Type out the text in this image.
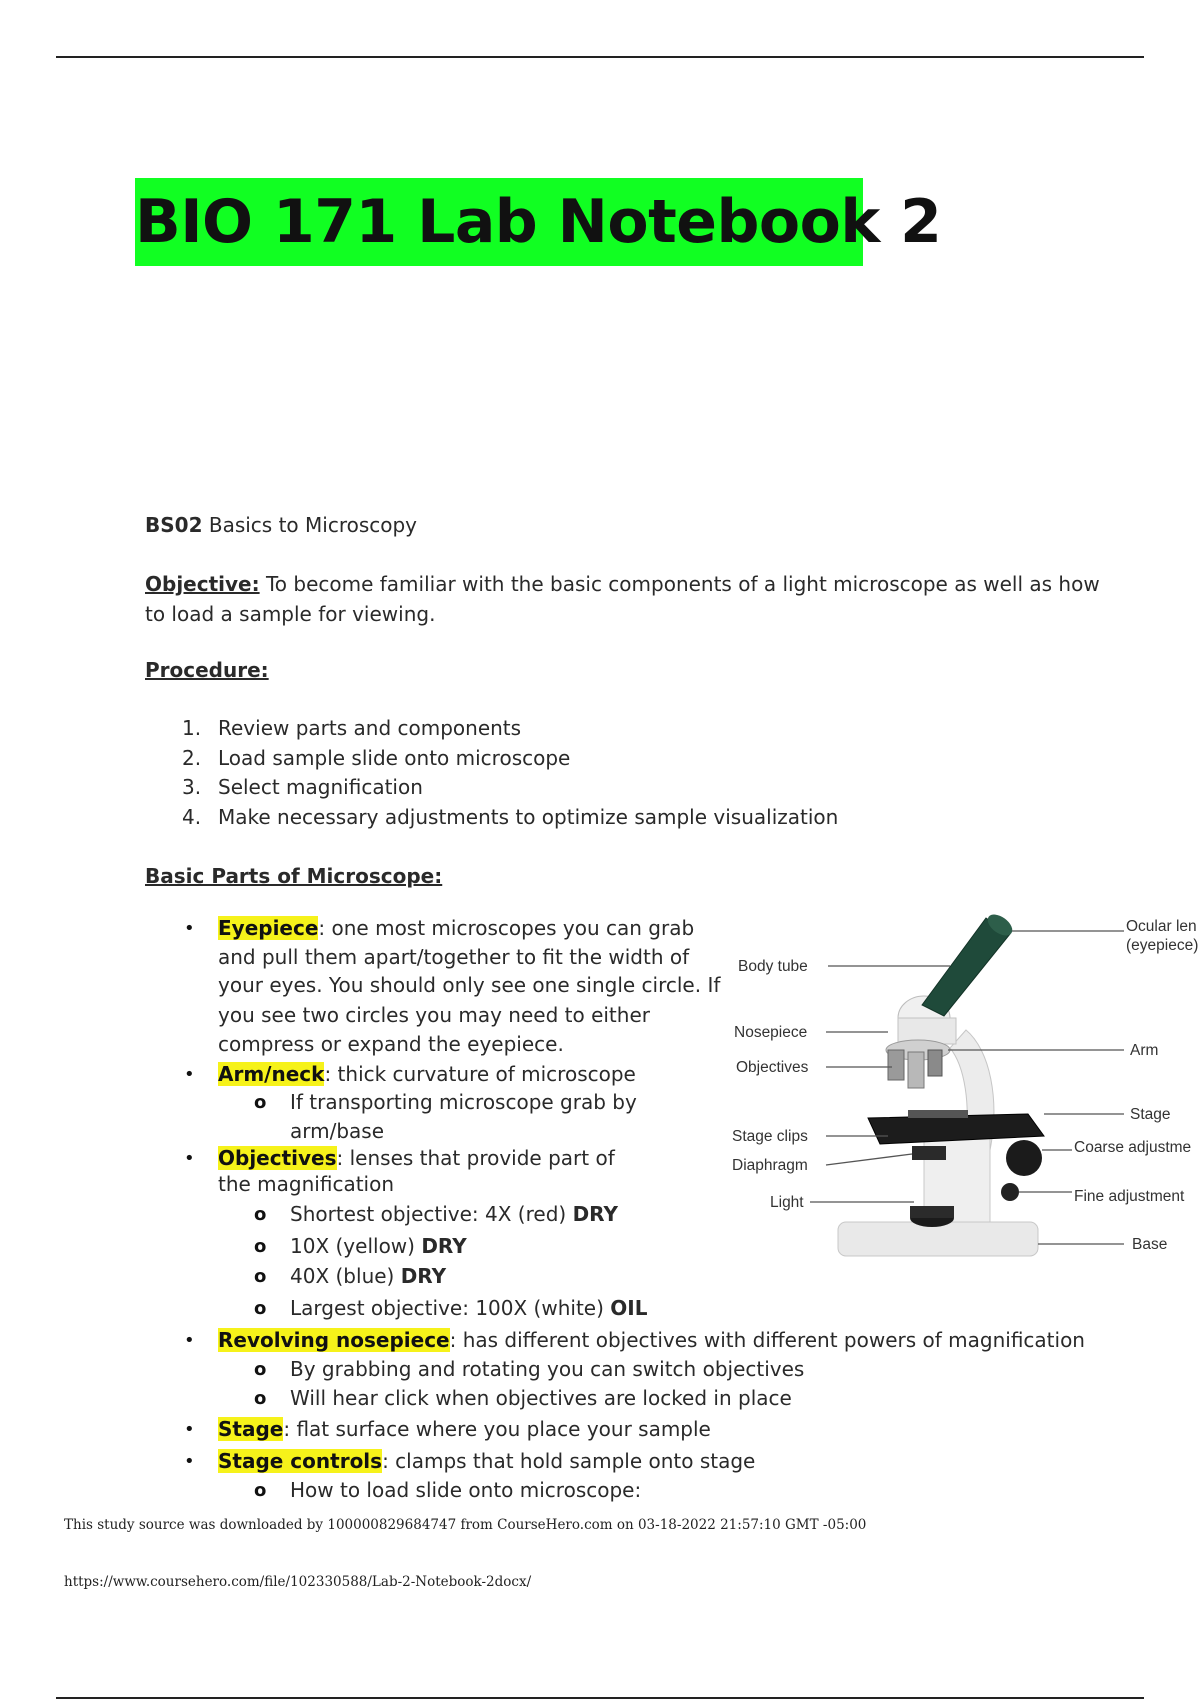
BIO 171 Lab Notebook 2
BS02 Basics to Microscopy
Objective: To become familiar with the basic components of a light microscope as well as how
to load a sample for viewing.
Procedure:
1. Review parts and components
2. Load sample slide onto microscope
3. Select magnification
4. Make necessary adjustments to optimize sample visualization
Basic Parts of Microscope:
• Eyepiece: one most microscopes you can grab
and pull them apart/together to fit the width of
your eyes. You should only see one single circle. If
you see two circles you may need to either
compress or expand the eyepiece.
• Arm/neck: thick curvature of microscope
o If transporting microscope grab by
arm/base
• Objectives: lenses that provide part of
the magnification
o Shortest objective: 4X (red) DRY
o 10X (yellow) DRY
o 40X (blue) DRY
o Largest objective: 100X (white) OIL
• Revolving nosepiece: has different objectives with different powers of magnification
o By grabbing and rotating you can switch objectives
o Will hear click when objectives are locked in place
• Stage: flat surface where you place your sample
• Stage controls: clamps that hold sample onto stage
o How to load slide onto microscope:
Body tube
Nosepiece
Objectives
Stage clips
Diaphragm
Light
Ocular len
(eyepiece)
Arm
Stage
Coarse adjustme
Fine adjustment
Base
This study source was downloaded by 100000829684747 from CourseHero.com on 03-18-2022 21:57:10 GMT -05:00
https://www.coursehero.com/file/102330588/Lab-2-Notebook-2docx/
